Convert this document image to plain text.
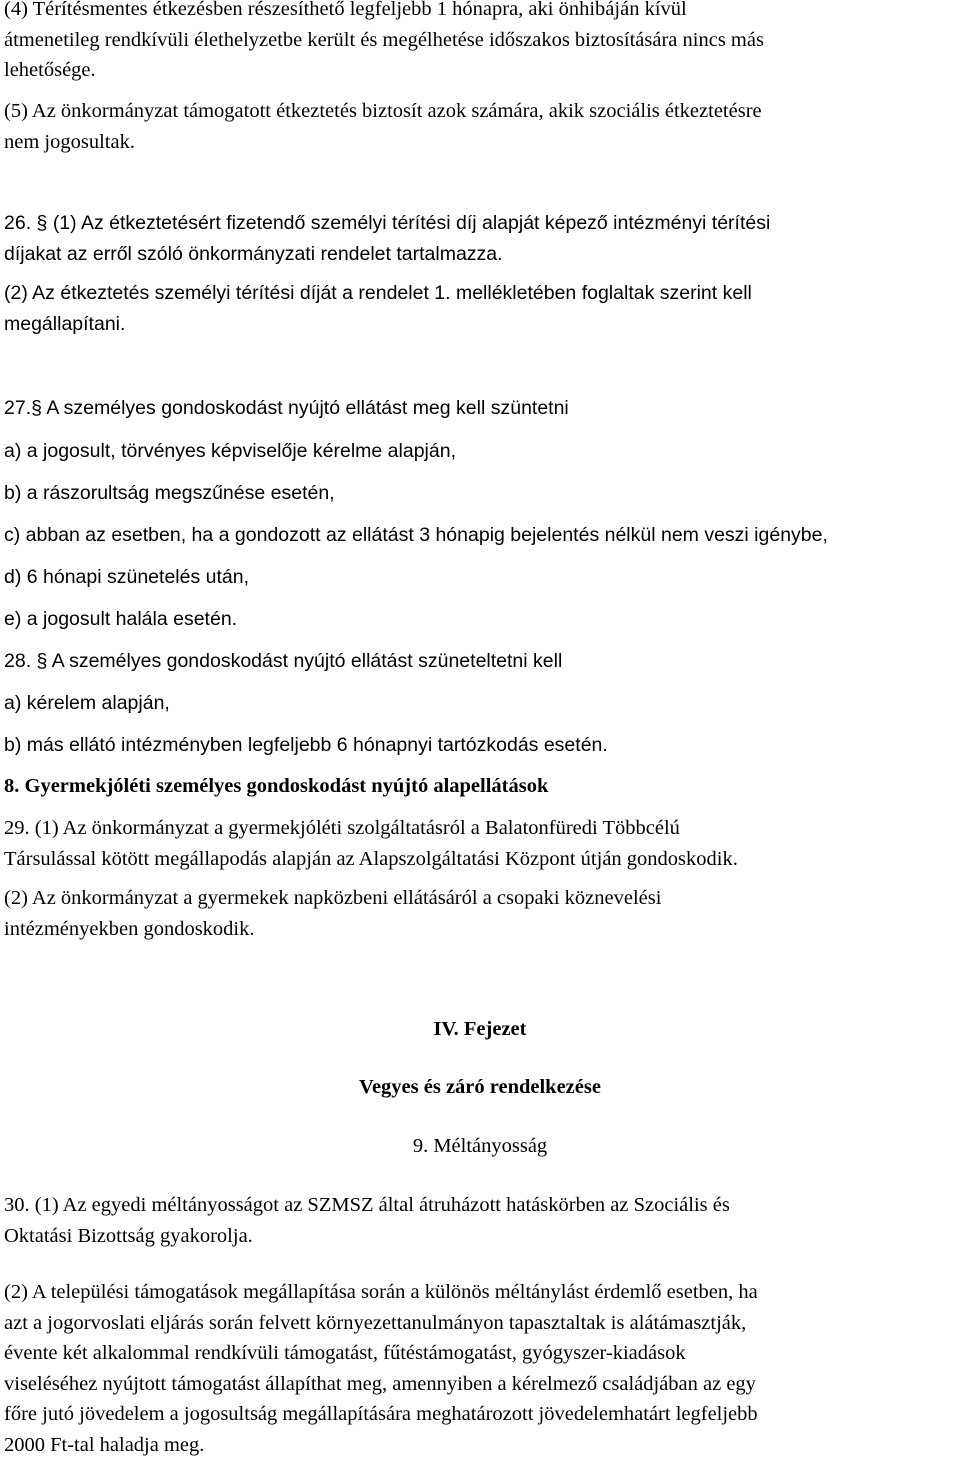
(4) Térítésmentes étkezésben részesíthető legfeljebb 1 hónapra, aki önhibáján kívül
átmenetileg rendkívüli élethelyzetbe került és megélhetése időszakos biztosítására nincs más
lehetősége.

(5) Az önkormányzat támogatott étkeztetés biztosít azok számára, akik szociális étkeztetésre
nem jogosultak.

26. § (1) Az étkeztetésért fizetendő személyi térítési díj alapját képező intézményi térítési
díjakat az erről szóló önkormányzati rendelet tartalmazza.

(2) Az étkeztetés személyi térítési díját a rendelet 1. mellékletében foglaltak szerint kell
megállapítani.

27.§ A személyes gondoskodást nyújtó ellátást meg kell szüntetni

a) a jogosult, törvényes képviselője kérelme alapján,

b) a rászorultság megszűnése esetén,

c) abban az esetben, ha a gondozott az ellátást 3 hónapig bejelentés nélkül nem veszi igénybe,

d) 6 hónapi szünetelés után,

e) a jogosult halála esetén.

28. § A személyes gondoskodást nyújtó ellátást szüneteltetni kell

a) kérelem alapján,

b) más ellátó intézményben legfeljebb 6 hónapnyi tartózkodás esetén.

8. Gyermekjóléti személyes gondoskodást nyújtó alapellátások

29. (1) Az önkormányzat a gyermekjóléti szolgáltatásról a Balatonfüredi Többcélú
Társulással kötött megállapodás alapján az Alapszolgáltatási Központ útján gondoskodik.

(2) Az önkormányzat a gyermekek napközbeni ellátásáról a csopaki köznevelési
intézményekben gondoskodik.

IV. Fejezet

Vegyes és záró rendelkezése

9. Méltányosság

30. (1) Az egyedi méltányosságot az SZMSZ által átruházott hatáskörben az Szociális és
Oktatási Bizottság gyakorolja.

(2) A települési támogatások megállapítása során a különös méltánylást érdemlő esetben, ha
azt a jogorvoslati eljárás során felvett környezettanulmányon tapasztaltak is alátámasztják,
évente két alkalommal rendkívüli támogatást, fűtéstámogatást, gyógyszer-kiadások
viseléséhez nyújtott támogatást állapíthat meg, amennyiben a kérelmező családjában az egy
főre jutó jövedelem a jogosultság megállapítására meghatározott jövedelemhatárt legfeljebb
2000 Ft-tal haladja meg.
